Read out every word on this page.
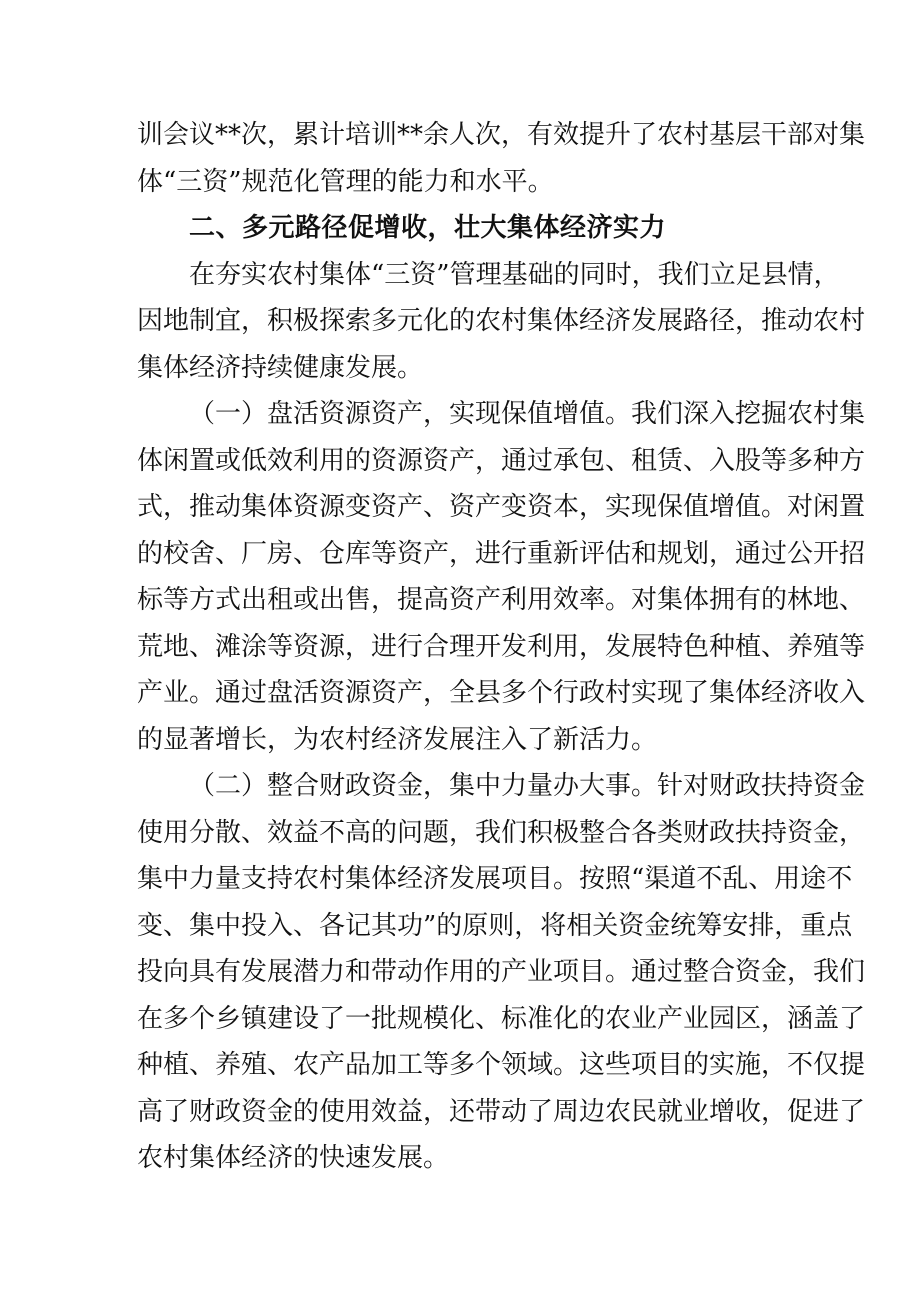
训会议**次，累计培训**余人次，有效提升了农村基层干部对集
体“三资”规范化管理的能力和水平。
二、多元路径促增收，壮大集体经济实力
在夯实农村集体“三资”管理基础的同时，我们立足县情，
因地制宜，积极探索多元化的农村集体经济发展路径，推动农村
集体经济持续健康发展。
（一）盘活资源资产，实现保值增值。我们深入挖掘农村集
体闲置或低效利用的资源资产，通过承包、租赁、入股等多种方
式，推动集体资源变资产、资产变资本，实现保值增值。对闲置
的校舍、厂房、仓库等资产，进行重新评估和规划，通过公开招
标等方式出租或出售，提高资产利用效率。对集体拥有的林地、
荒地、滩涂等资源，进行合理开发利用，发展特色种植、养殖等
产业。通过盘活资源资产，全县多个行政村实现了集体经济收入
的显著增长，为农村经济发展注入了新活力。
（二）整合财政资金，集中力量办大事。针对财政扶持资金
使用分散、效益不高的问题，我们积极整合各类财政扶持资金，
集中力量支持农村集体经济发展项目。按照“渠道不乱、用途不
变、集中投入、各记其功”的原则，将相关资金统筹安排，重点
投向具有发展潜力和带动作用的产业项目。通过整合资金，我们
在多个乡镇建设了一批规模化、标准化的农业产业园区，涵盖了
种植、养殖、农产品加工等多个领域。这些项目的实施，不仅提
高了财政资金的使用效益，还带动了周边农民就业增收，促进了
农村集体经济的快速发展。
